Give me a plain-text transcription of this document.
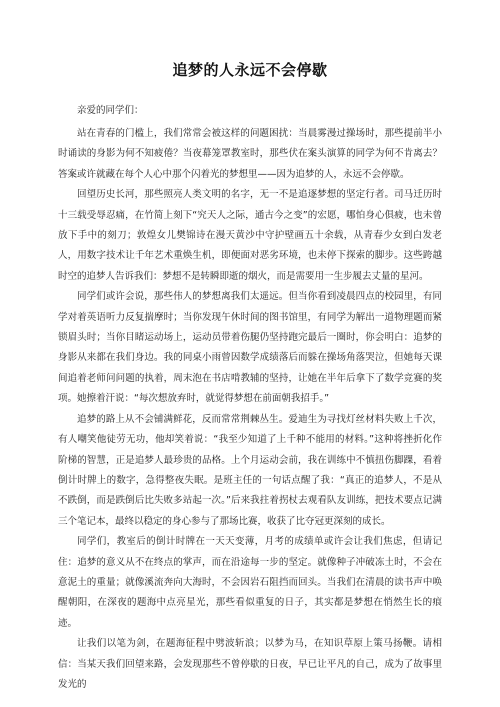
追梦的人永远不会停歇

亲爱的同学们：

站在青春的门槛上，我们常常会被这样的问题困扰：当晨雾漫过操场时，那些提前半小时诵读的身影为何不知疲倦？当夜幕笼罩教室时，那些伏在案头演算的同学为何不肯离去？答案或许就藏在每个人心中那个闪着光的梦想里——因为追梦的人，永远不会停歇。

回望历史长河，那些照亮人类文明的名字，无一不是追逐梦想的坚定行者。司马迁历时十三载受辱忍痛，在竹简上刻下“究天人之际，通古今之变”的宏愿，哪怕身心俱疲，也未曾放下手中的刻刀；敦煌女儿樊锦诗在漫天黄沙中守护壁画五十余载，从青春少女到白发老人，用数字技术让千年艺术重焕生机，即便面对恶劣环境，也未停下探索的脚步。这些跨越时空的追梦人告诉我们：梦想不是转瞬即逝的烟火，而是需要用一生步履去丈量的星河。

同学们或许会说，那些伟人的梦想离我们太遥远。但当你看到凌晨四点的校园里，有同学对着英语听力反复揣摩时；当你发现午休时间的图书馆里，有同学为解出一道物理题而紧锁眉头时；当你目睹运动场上，运动员带着伤腿仍坚持跑完最后一圈时，你会明白：追梦的身影从来都在我们身边。我的同桌小雨曾因数学成绩落后而躲在操场角落哭泣，但她每天课间追着老师问问题的执着，周末泡在书店啃教辅的坚持，让她在半年后拿下了数学竞赛的奖项。她擦着汗说：“每次想放弃时，就觉得梦想在前面朝我招手。”

追梦的路上从不会铺满鲜花，反而常常荆棘丛生。爱迪生为寻找灯丝材料失败上千次，有人嘲笑他徒劳无功，他却笑着说：“我至少知道了上千种不能用的材料。”这种将挫折化作阶梯的智慧，正是追梦人最珍贵的品格。上个月运动会前，我在训练中不慎扭伤脚踝，看着倒计时牌上的数字，急得整夜失眠。是班主任的一句话点醒了我：“真正的追梦人，不是从不跌倒，而是跌倒后比失败多站起一次。”后来我拄着拐杖去观看队友训练，把技术要点记满三个笔记本，最终以稳定的身心参与了那场比赛，收获了比夺冠更深刻的成长。

同学们，教室后的倒计时牌在一天天变薄，月考的成绩单或许会让我们焦虑，但请记住：追梦的意义从不在终点的掌声，而在沿途每一步的坚定。就像种子冲破冻土时，不会在意泥土的重量；就像溪流奔向大海时，不会因岩石阻挡而回头。当我们在清晨的读书声中唤醒朝阳，在深夜的题海中点亮星光，那些看似重复的日子，其实都是梦想在悄然生长的痕迹。

让我们以笔为剑，在题海征程中劈波斩浪；以梦为马，在知识草原上策马扬鞭。请相信：当某天我们回望来路，会发现那些不曾停歇的日夜，早已让平凡的自己，成为了故事里发光的
